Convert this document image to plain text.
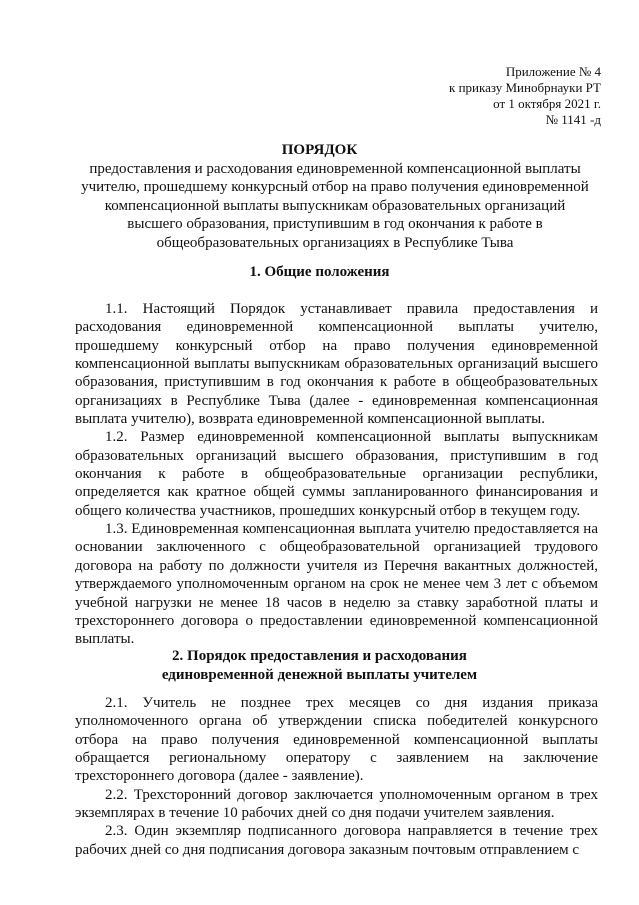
Приложение № 4
к приказу Минобрнауки РТ
от 1 октября 2021 г.
№ 1141 -д
ПОРЯДОК
предоставления и расходования единовременной компенсационной выплаты учителю, прошедшему конкурсный отбор на право получения единовременной компенсационной выплаты выпускникам образовательных организаций высшего образования, приступившим в год окончания к работе в общеобразовательных организациях в Республике Тыва
1. Общие положения

1.1. Настоящий Порядок устанавливает правила предоставления и расходования единовременной компенсационной выплаты учителю, прошедшему конкурсный отбор на право получения единовременной компенсационной выплаты выпускникам образовательных организаций высшего образования, приступившим в год окончания к работе в общеобразовательных организациях в Республике Тыва (далее - единовременная компенсационная выплата учителю), возврата единовременной компенсационной выплаты.

1.2. Размер единовременной компенсационной выплаты выпускникам образовательных организаций высшего образования, приступившим в год окончания к работе в общеобразовательные организации республики, определяется как кратное общей суммы запланированного финансирования и общего количества участников, прошедших конкурсный отбор в текущем году.

1.3. Единовременная компенсационная выплата учителю предоставляется на основании заключенного с общеобразовательной организацией трудового договора на работу по должности учителя из Перечня вакантных должностей, утверждаемого уполномоченным органом на срок не менее чем 3 лет с объемом учебной нагрузки не менее 18 часов в неделю за ставку заработной платы и трехстороннего договора о предоставлении единовременной компенсационной выплаты.

2. Порядок предоставления и расходования
единовременной денежной выплаты учителем

2.1. Учитель не позднее трех месяцев со дня издания приказа уполномоченного органа об утверждении списка победителей конкурсного отбора на право получения единовременной компенсационной выплаты обращается региональному оператору с заявлением на заключение трехстороннего договора (далее - заявление).

2.2. Трехсторонний договор заключается уполномоченным органом в трех экземплярах в течение 10 рабочих дней со дня подачи учителем заявления.

2.3. Один экземпляр подписанного договора направляется в течение трех рабочих дней со дня подписания договора заказным почтовым отправлением с
